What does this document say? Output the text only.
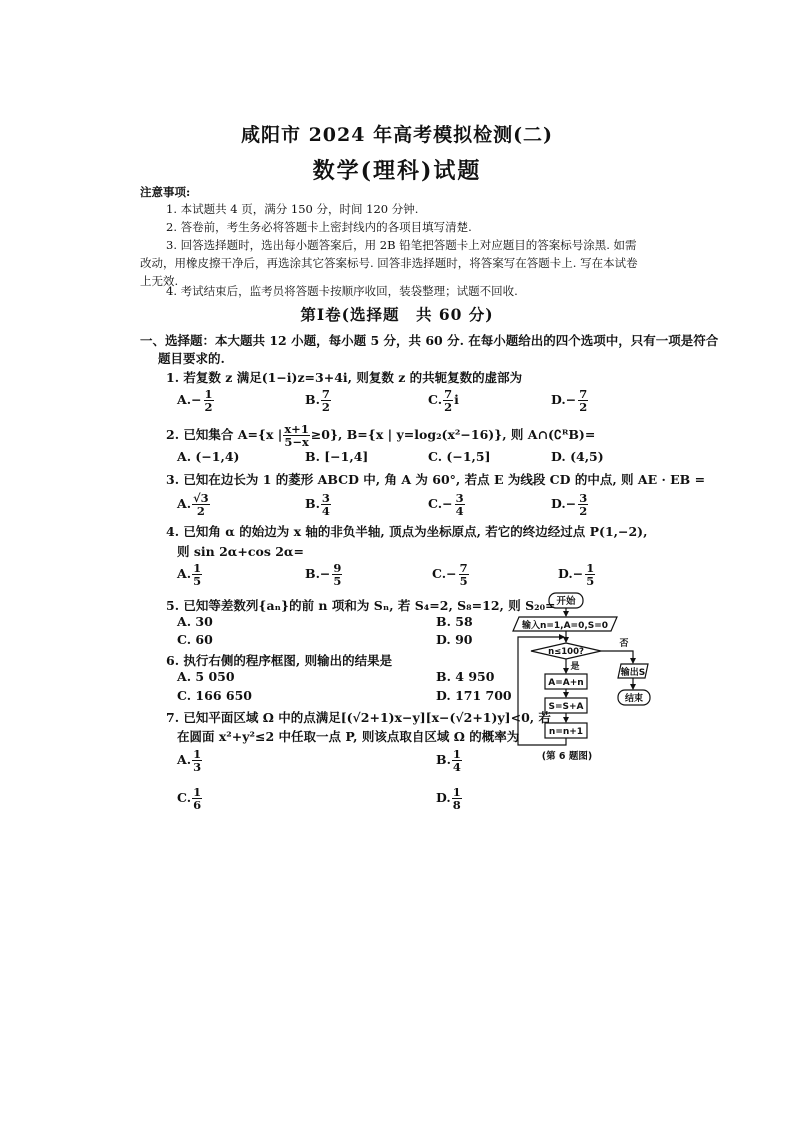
咸阳市 2024 年高考模拟检测(二)
数学(理科)试题
注意事项:
1. 本试题共 4 页，满分 150 分，时间 120 分钟.
2. 答卷前，考生务必将答题卡上密封线内的各项目填写清楚.
3. 回答选择题时，选出每小题答案后，用 2B 铅笔把答题卡上对应题目的答案标号涂黑. 如需
改动，用橡皮擦干净后，再选涂其它答案标号. 回答非选择题时，将答案写在答题卡上. 写在本试卷
上无效.
4. 考试结束后，监考员将答题卡按顺序收回，装袋整理；试题不回收.
第Ⅰ卷(选择题　共 60 分)
一、选择题：本大题共 12 小题，每小题 5 分，共 60 分. 在每小题给出的四个选项中，只有一项是符合
题目要求的.
1. 若复数 z 满足(1−i)z=3+4i, 则复数 z 的共轭复数的虚部为
$A.- \frac{1}{2}$	B. $\frac{7}{2}$	C. $\frac{7}{2}$ i	$D.- \frac{7}{2}$
2. 已知集合 A={x | $\frac{x+1}{5-x} \ge 0$}, B={x | y=log₂(x²−16)}, 则 A∩(∁ᴿB)=
A. (−1,4)	B. [−1,4]	C. (−1,5]	D. (4,5)
3. 已知在边长为 1 的菱形 ABCD 中, 角 A 为 60°, 若点 E 为线段 CD 的中点, 则 AE · EB =
A. $\frac{√3}{2}$	B. $\frac{3}{4}$	$C.- \frac{3}{4}$	$D.- \frac{3}{2}$
4. 已知角 α 的始边为 x 轴的非负半轴, 顶点为坐标原点, 若它的终边经过点 P(1,−2),
则 sin 2α+cos 2α=
A. $\frac{1}{5}$	$B.- \frac{9}{5}$	$C.- \frac{7}{5}$	$D.- \frac{1}{5}$
5. 已知等差数列{aₙ}的前 n 项和为 Sₙ, 若 S₄=2, S₈=12, 则 S₂₀=
A. 30	B. 58
C. 60	D. 90
6. 执行右侧的程序框图, 则输出的结果是
A. 5 050	B. 4 950
C. 166 650	D. 171 700
7. 已知平面区域 Ω 中的点满足[(√2+1)x−y][x−(√2+1)y]<0, 若
在圆面 x²+y²≤2 中任取一点 P, 则该点取自区域 Ω 的概率为
A. $\frac{1}{3}$	B. $\frac{1}{4}$
C. $\frac{1}{6}$	D. $\frac{1}{8}$
开始
输入n=1,A=0,S=0
n≤100?
是
否
输出S
结束
A=A+n
S=S+A
n=n+1
(第 6 题图)
